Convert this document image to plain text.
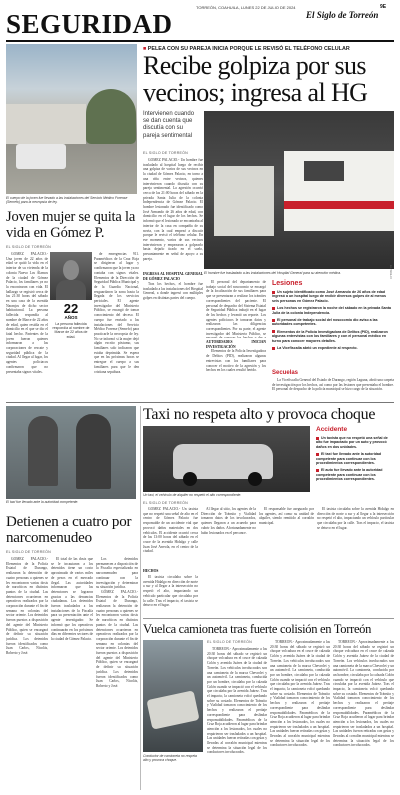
SEGURIDAD
TORREÓN, COAHUILA, LUNES 22 DE JULIO DE 2024
El Siglo de Torreón
9E
El cuerpo de la joven fue llevado a las instalaciones del Servicio Médico Forense (Semefo) para la necropsia de ley.
■ PELEA CON SU PAREJA INICIA PORQUE LE REVISÓ EL TELÉFONO CELULAR
Recibe golpiza por sus vecinos; ingresa al HG
Intervienen cuando se dan cuenta que discutía con su pareja sentimental
EL SIGLO DE TORREÓN

GÓMEZ PALACIO.- Un hombre fue trasladado al hospital luego de recibir una golpiza de varios de sus vecinos en la ciudad de Gómez Palacio, en torno a una riña entre vecinos, quienes intervinieron cuando discutía con su pareja sentimental. La agresión ocurrió cerca de las 21:00 horas del sábado en la privada Santa Julia de la colonia Independencia de Gómez Palacio. El hombre lesionado fue identificado como José Armando de 26 años de edad, con domicilio en el lugar de los hechos. Se informó que el lesionado se encontraba al interior de la casa en compañía de su novia, con la cual empezó a discutir porque le revisó el teléfono celular. En ese momento, varios de sus vecinos intervinieron y empezaron a golpearlo hasta dejarlo tirado en el suelo, presuntamente en señal de apoyo a su pareja.

El hombre fue trasladado a las instalaciones del Hospital General para su atención médica.	EL SIGLO
INGRESA AL HOSPITAL GENERAL DE GÓMEZ PALACIO

Tras los hechos, el hombre fue trasladado a las instalaciones del Hospital General, a donde ingresó con múltiples golpes en distintas partes del cuerpo.

El personal del departamento de trabajo social del nosocomio se encargó de la localización de sus familiares para que se presentaran a realizar los trámites correspondientes del paciente. El personal de despacho del Sistema Estatal de Seguridad Pública trabajó en el lugar de los hechos y levantó un reporte. Los agentes policiacos le tomaron datos y realizaron las diligencias correspondientes. Por su parte, el agente investigador del Ministerio Público, se

Lesiones
Un sujeto identificado como José Armando de 26 años de edad ingresó a un hospital luego de recibir diversos golpes de al menos seis personas en Gómez Palacio.
Los hechos se registraron la noche del sábado en la privada Santa Julia de la colonia Independencia.
El personal de trabajo social del nosocomio dio aviso a las autoridades competentes.
Elementos de la Policía Investigadora de Delitos (PID), realizaron algunas entrevistas con los familiares y con el personal médico en turno para conocer mayores detalles.
La Vicefiscalía abrió un expediente al respecto.

AUTORIDADES INICIAN INVESTIGACIÓN

Elementos de la Policía Investigadora de Delitos (PID), realizaron algunas entrevistas con los familiares para conocer el motivo de la agresión y los hechos en los cuales resultó herido.	Secuelas

La Vicefiscalía General del Estado de Durango, región Laguna, abrió una carpeta de investigación por los hechos, así como por las lesiones que presentaba el hombre. El personal de despacho de la policía municipal se hizo cargo de la situación.

Joven mujer se quita la vida en Gómez P.
EL SIGLO DE TORREÓN

GÓMEZ PALACIO.- Una joven de 22 años de edad se quitó la vida en el interior de su vivienda de la colonia Nuevo Los Álamos de la ciudad de Gómez Palacio, los familiares ya no la encontraron con vida. El hallazgo se registró cerca de las 21:30 horas del sábado en una casa de la avenida Naranjos de dicho sector habitacional. La persona fallecida respondía al nombre de Marce de 22 años de edad, quien residía en el domicilio en el que se dio el fatal hecho. Parientes de la joven fueron quienes informaron a las corporaciones de rescate y seguridad pública de la ciudad. Al llegar al lugar, los agentes policiacos confirmaron que no presentaba signos vitales.

22
AÑOS
La persona fallecida respondía al nombre de Marce de 22 años de edad.

de emergencias 911. Paramédicos de la Cruz Roja se dirigieron al lugar y confirmaron que la joven ya no contaba con signos vitales. Elementos de la Dirección de Seguridad Pública Municipal y de la Guardia Nacional, resguardaron la zona hasta la llegada de los servicios periciales. El agente investigador del Ministerio Público, se encargó de tomar conocimiento del deceso. El cuerpo fue enviado a las instalaciones del Servicio Médico Forense (Semefo) para practicarle la necropsia de ley. No se informó si la mujer dejó algún escrito póstumo, sus familiares solo indicaron que estaba deprimida. Se espera que en las próximas horas se entregue el cuerpo a sus familiares para que le den cristiana sepultura.

El taxi fue llevado ante la autoridad competente.
Taxi no respeta alto y provoca choque
Un taxi, el vehículo de alquiler no respetó el alto correspondiente.
Accidente
Un taxista que no respetó una señal de alto fue impactado por un auto y provocó daños en dos unidades.
El taxi fue llevado ante la autoridad competente para continuar con los procedimientos correspondientes.
El auto fue llevado ante la autoridad competente para continuar con los procedimientos correspondientes.
EL SIGLO DE TORREÓN

GÓMEZ PALACIO.- Un taxista que no respetó una señal de alto en el centro de Gómez Palacio fue responsable de un accidente vial que provocó daños materiales en dos vehículos. El accidente ocurrió cerca de las 13:00 horas del sábado en el cruce de la avenida Hidalgo y calle Juan José Arreola, en el centro de la ciudad.

HECHOS

El taxista circulaba sobre la avenida Hidalgo en dirección de norte a sur y al llegar a la intersección no respetó el alto, impactando un vehículo particular que circulaba por la calle. Tras el impacto, el taxista se detuvo en el lugar.

Al llegar al sitio, los agentes de la Dirección de Tránsito y Vialidad tomaron datos de los involucrados, quienes llegaron a un acuerdo para cubrir los daños. Afortunadamente no hubo lesionados en el percance.

El responsable fue asegurado por los agentes, así como su unidad de alquiler, siendo remitido al corralón municipal.

El taxista circulaba sobre la avenida Hidalgo en dirección de norte a sur y al llegar a la intersección no respetó el alto, impactando un vehículo particular que circulaba por la calle. Tras el impacto, el taxista se detuvo en el lugar.

Detienen a cuatro por narcomenudeo
EL SIGLO DE TORREÓN

GÓMEZ PALACIO.- Elementos de la Policía Estatal de Durango, realizaron la detención de cuatro personas a quienes se les encontraron varias dosis de narcóticos en distintos puntos de la ciudad. Las detenciones ocurrieron en operativos realizados por la corporación durante el fin de semana en colonias del sector oriente. Los detenidos fueron puestos a disposición del agente del Ministerio Público, quien se encargará de definir su situación jurídica. Los detenidos fueron identificados como Juan Carlos, Nicolás, Roberto y José.

El total de las dosis que se le incautaron a los detenidos tiene un costo aproximado de varios miles de pesos en el mercado ilegal. Las autoridades informaron que las detenciones se lograron gracias a las denuncias ciudadanas. Los detenidos fueron trasladados a las instalaciones de la Fiscalía para su presentación ante el agente investigador. Se informó que los operativos continuarán en los próximos días en diferentes sectores de la ciudad de Gómez Palacio.

Los detenidos permanecen a disposición de la Fiscalía especializada en narcomenudeo para continuar con la investigación y determinar su situación jurídica.

GÓMEZ PALACIO.- Elementos de la Policía Estatal de Durango, realizaron la detención de cuatro personas a quienes se les encontraron varias dosis de narcóticos en distintos puntos de la ciudad. Las detenciones ocurrieron en operativos realizados por la corporación durante el fin de semana en colonias del sector oriente. Los detenidos fueron puestos a disposición del agente del Ministerio Público, quien se encargará de definir su situación jurídica. Los detenidos fueron identificados como Juan Carlos, Nicolás, Roberto y José.

Vuelca camioneta tras fuerte colisión en Torreón
Conductor de camioneta no respeta alto y provoca choque.
EL SIGLO DE TORREÓN

TORREÓN.- Aproximadamente a las 20:30 horas del sábado se registró un choque volcadura en el cruce de calzada Colón y avenida Juárez de la ciudad de Torreón. Los vehículos involucrados son una camioneta de la marca Chevrolet y un automóvil. La camioneta, conducida por un hombre, circulaba por la calzada Colón cuando se impactó con el vehículo que circulaba por la avenida Juárez. Tras el impacto, la camioneta volcó quedando sobre su costado. Elementos de Tránsito y Vialidad tomaron conocimiento de los hechos y realizaron el peritaje correspondiente para deslindar responsabilidades. Paramédicos de la Cruz Roja acudieron al lugar para brindar atención a los lesionados, los cuales no requirieron ser trasladados a un hospital. Las unidades fueron retiradas con grúas y llevadas al corralón municipal mientras se determina la situación legal de los conductores involucrados.

TORREÓN.- Aproximadamente a las 20:30 horas del sábado se registró un choque volcadura en el cruce de calzada Colón y avenida Juárez de la ciudad de Torreón. Los vehículos involucrados son una camioneta de la marca Chevrolet y un automóvil. La camioneta, conducida por un hombre, circulaba por la calzada Colón cuando se impactó con el vehículo que circulaba por la avenida Juárez. Tras el impacto, la camioneta volcó quedando sobre su costado. Elementos de Tránsito y Vialidad tomaron conocimiento de los hechos y realizaron el peritaje correspondiente para deslindar responsabilidades. Paramédicos de la Cruz Roja acudieron al lugar para brindar atención a los lesionados, los cuales no requirieron ser trasladados a un hospital. Las unidades fueron retiradas con grúas y llevadas al corralón municipal mientras se determina la situación legal de los conductores involucrados.

TORREÓN.- Aproximadamente a las 20:30 horas del sábado se registró un choque volcadura en el cruce de calzada Colón y avenida Juárez de la ciudad de Torreón. Los vehículos involucrados son una camioneta de la marca Chevrolet y un automóvil. La camioneta, conducida por un hombre, circulaba por la calzada Colón cuando se impactó con el vehículo que circulaba por la avenida Juárez. Tras el impacto, la camioneta volcó quedando sobre su costado. Elementos de Tránsito y Vialidad tomaron conocimiento de los hechos y realizaron el peritaje correspondiente para deslindar responsabilidades. Paramédicos de la Cruz Roja acudieron al lugar para brindar atención a los lesionados, los cuales no requirieron ser trasladados a un hospital. Las unidades fueron retiradas con grúas y llevadas al corralón municipal mientras se determina la situación legal de los conductores involucrados.
